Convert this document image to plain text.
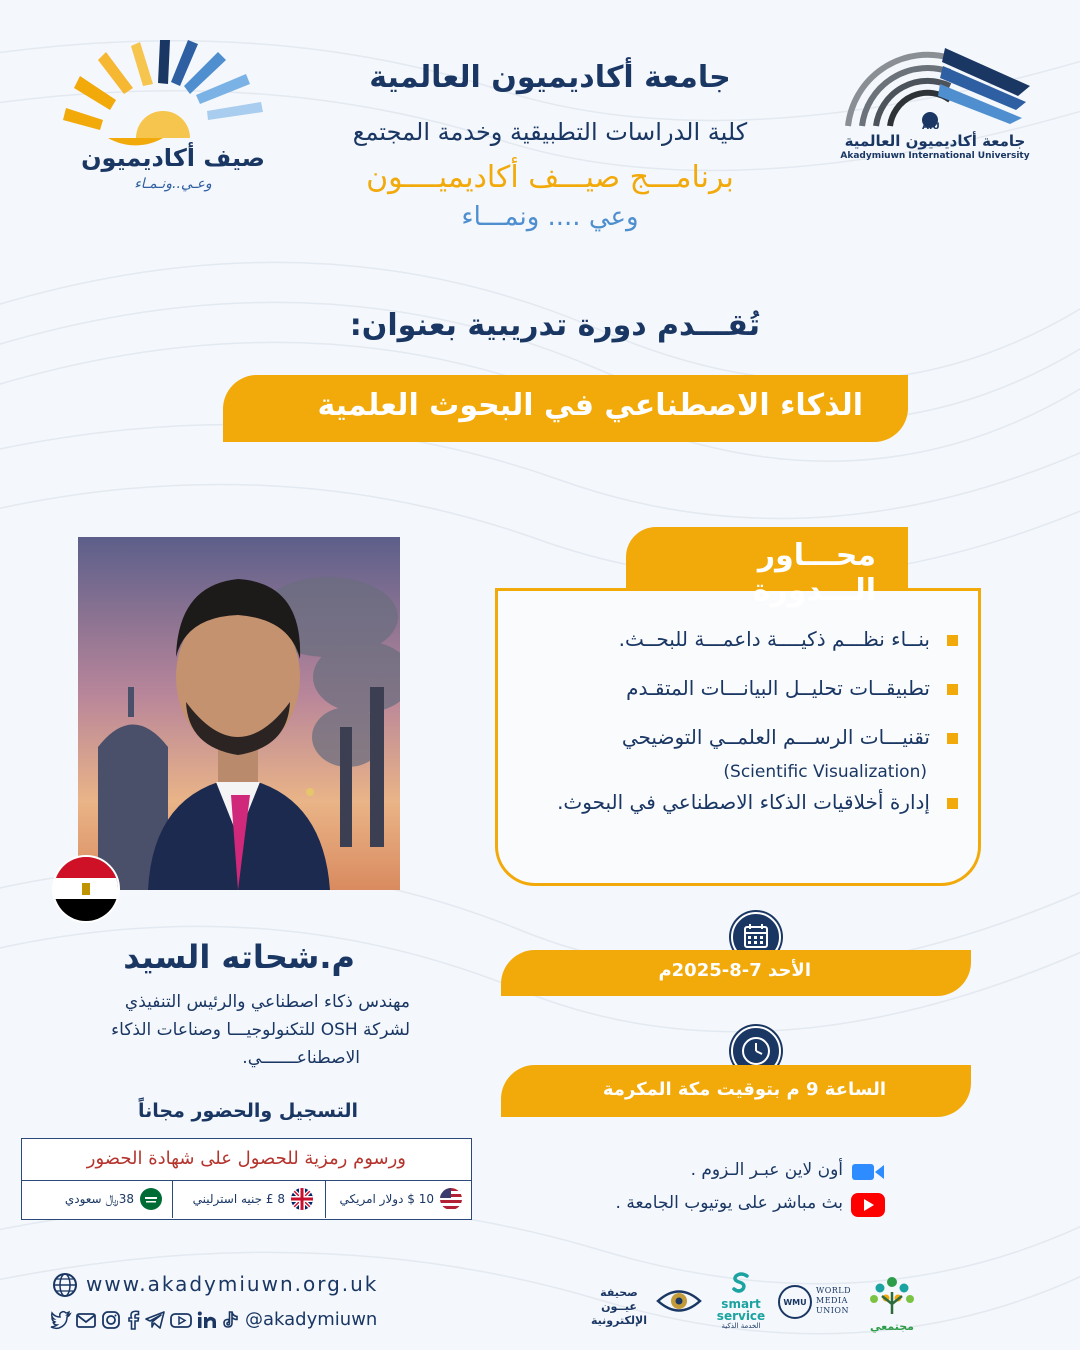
صيف أكاديميون
وعـي..ونـمـاء
AIU
جامعة أكاديميون العالمية
Akadymiuwn International University
جامعة أكاديميون العالمية
كلية الدراسات التطبيقية وخدمة المجتمع
برنامـــج صيـــف أكاديميــــون
وعي .... ونمـــاء
تُقـــدم دورة تدريبية بعنوان:
الذكاء الاصطناعي في البحوث العلمية
محـــاور الـــدورة
بنــاء نظـــم ذكيــــة داعمـــة للبحــث.
تطبيقــات تحليــل البيانـــات المتقـدم
تقنيـــات الرســـم العلمــي التوضيحي
(Scientific Visualization)
إدارة أخلاقيات الذكاء الاصطناعي في البحوث.
م.شحاته السيد
مهندس ذكاء اصطناعي والرئيس التنفيذي
لشركة OSH للتكنولوجيـــا وصناعات الذكاء
الاصطناعـــــــي.
التسجيل والحضور مجاناً
ورسوم رمزية للحصول على شهادة الحضور
10 $ دولار امريكي
8 £ جنيه استرليني
38﷼ سعودي
الأحد 7-8-2025م
الساعة 9 م بتوقيت مكة المكرمة
أون لاين عبـر الـزوم .
بث مباشر على يوتيوب الجامعة .
www.akadymiuwn.org.uk
@akadymiuwn
صحيفة عيــون الإلكترونية
smart service
الخدمة الذكية
WMU
WORLD MEDIA UNION
مجتمعي
